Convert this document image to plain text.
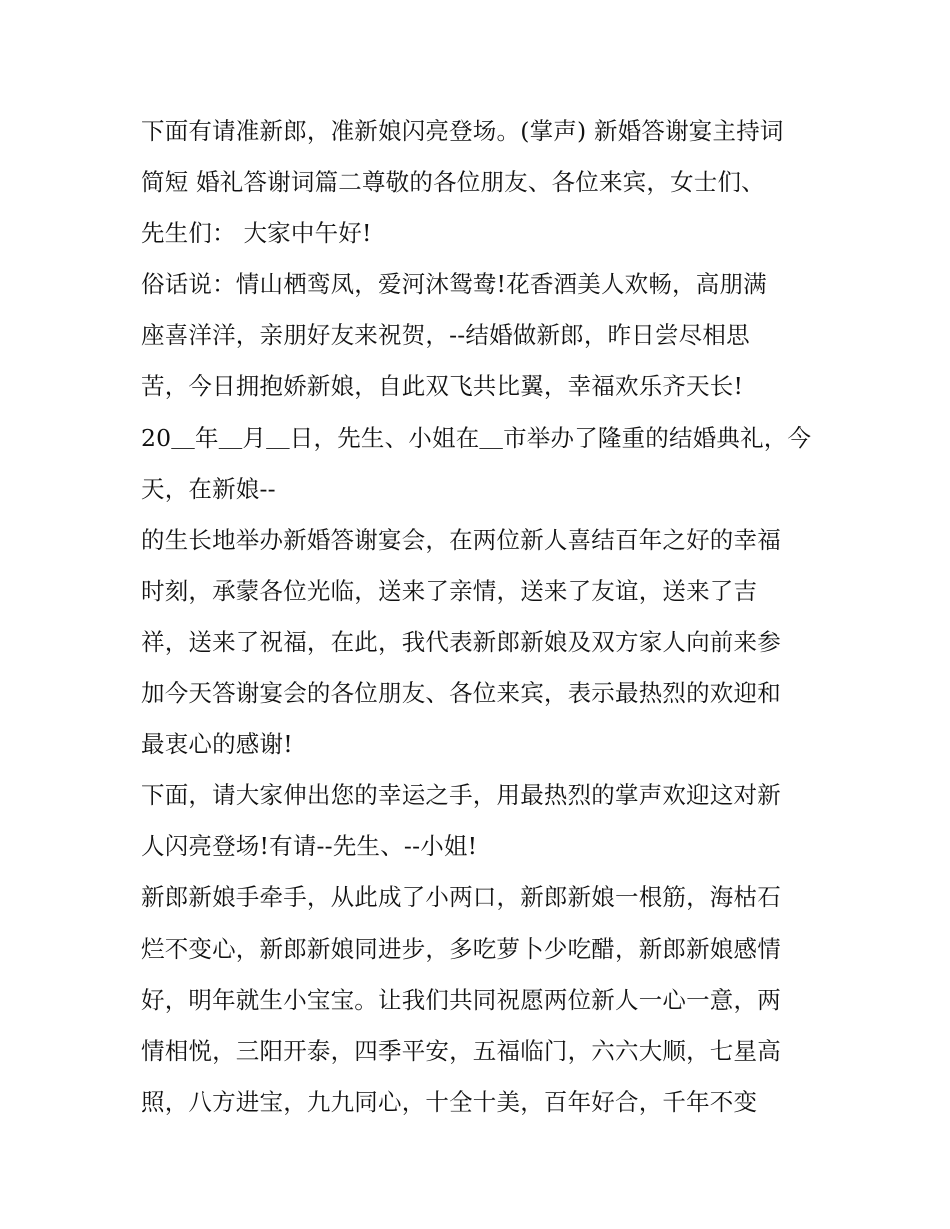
下面有请准新郎，准新娘闪亮登场。(掌声) 新婚答谢宴主持词
简短 婚礼答谢词篇二尊敬的各位朋友、各位来宾，女士们、
先生们： 大家中午好!
俗话说：情山栖鸾凤，爱河沐鸳鸯!花香酒美人欢畅，高朋满
座喜洋洋，亲朋好友来祝贺，--结婚做新郎，昨日尝尽相思
苦，今日拥抱娇新娘，自此双飞共比翼，幸福欢乐齐天长!
20＿年＿月＿日，先生、小姐在＿市举办了隆重的结婚典礼，今
天，在新娘--
的生长地举办新婚答谢宴会，在两位新人喜结百年之好的幸福
时刻，承蒙各位光临，送来了亲情，送来了友谊，送来了吉
祥，送来了祝福，在此，我代表新郎新娘及双方家人向前来参
加今天答谢宴会的各位朋友、各位来宾，表示最热烈的欢迎和
最衷心的感谢!
下面，请大家伸出您的幸运之手，用最热烈的掌声欢迎这对新
人闪亮登场!有请--先生、--小姐!
新郎新娘手牵手，从此成了小两口，新郎新娘一根筋，海枯石
烂不变心，新郎新娘同进步，多吃萝卜少吃醋，新郎新娘感情
好，明年就生小宝宝。让我们共同祝愿两位新人一心一意，两
情相悦，三阳开泰，四季平安，五福临门，六六大顺，七星高
照，八方进宝，九九同心，十全十美，百年好合，千年不变
